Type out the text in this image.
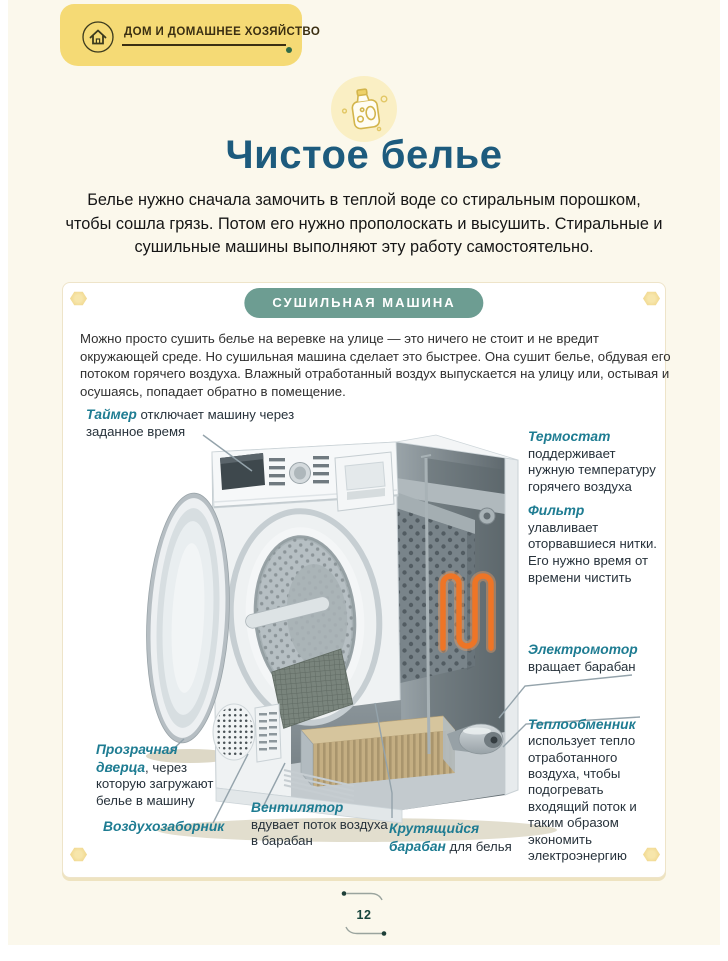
ДОМ И ДОМАШНЕЕ ХОЗЯЙСТВО
Чистое белье
Белье нужно сначала замочить в теплой воде со стиральным порошком, чтобы сошла грязь. Потом его нужно прополоскать и высушить. Стиральные и сушильные машины выполняют эту работу самостоятельно.
СУШИЛЬНАЯ МАШИНА
Можно просто сушить белье на веревке на улице — это ничего не стоит и не вредит окружающей среде. Но сушильная машина сделает это быстрее. Она сушит белье, обдувая его потоком горячего воздуха. Влажный отработанный воздух выпускается на улицу или, остывая и осушаясь, попадает обратно в помещение.
Таймер отключает машину через заданное время	Термостат поддерживает нужную температуру горячего воздуха
Фильтр улавливает оторвавшиеся нитки. Его нужно время от времени чистить
Электромотор вращает барабан
Теплообменник использует тепло отработанного воздуха, чтобы подогревать входящий поток и таким образом экономить электроэнергию
Прозрачная дверца, через которую загружают белье в машину
Воздухозаборник
Вентилятор вдувает поток воздуха в барабан
Крутящийся барабан для белья
12
